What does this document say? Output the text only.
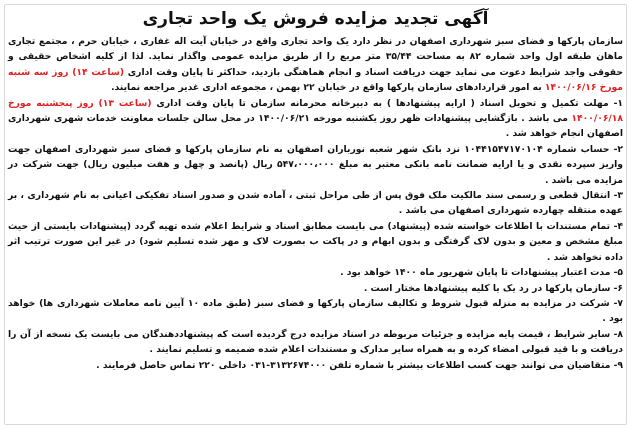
آگهی تجدید مزایده فروش یک واحد تجاری

سازمان پارکها و فضای سبز شهرداری اصفهان در نظر دارد یک واحد تجاری واقع در خیابان آیت اله غفاری ، خیابان حرم ، مجتمع تجاری ماهان طبقه اول واحد شماره ۸۲ به مساحت ۳۵/۴۴ متر مربع را از طریق مزایده عمومی واگذار نماید. لذا از کلیه اشخاص حقیقی و حقوقی واجد شرایط دعوت می نماید جهت دریافت اسناد و انجام هماهنگی بازدید، حداکثر تا پایان وقت اداری (ساعت ۱۴) روز سه شنبه مورخ ۱۴۰۰/۰۶/۱۶ به امور قراردادهای سازمان پارکها واقع در خیابان ۲۲ بهمن ، مجموعه اداری غدیر مراجعه نمایند.

۱- مهلت تکمیل و تحویل اسناد ( ارایه پیشنهادها ) به دبیرخانه محرمانه سازمان تا پایان وقت اداری (ساعت ۱۳) روز پنجشنبه مورخ ۱۴۰۰/۰۶/۱۸ می باشد . بازگشایی پیشنهادات ظهر روز یکشنبه مورخه ۱۴۰۰/۰۶/۲۱ در محل سالن جلسات معاونت خدمات شهری شهرداری اصفهان انجام خواهد شد .

۲- حساب شماره ۱۰۴۴۱۵۴۷۱۷۰۱۰۴ نزد بانک شهر شعبه نورباران اصفهان به نام سازمان پارکها و فضای سبز شهرداری اصفهان جهت واریز سپرده نقدی و یا ارایه ضمانت نامه بانکی معتبر به مبلغ ۵۴۷،۰۰۰،۰۰۰ ریال (پانصد و چهل و هفت میلیون ریال) جهت شرکت در مزایده می باشد .

۳- انتقال قطعی و رسمی سند مالکیت ملک فوق پس از طی مراحل ثبتی ، آماده شدن و صدور اسناد تفکیکی اعیانی به نام شهرداری ، بر عهده منتقله چهارده شهرداری اصفهان می باشد .

۴- تمام مستندات با اطلاعات خواسته شده (پیشنهاد) می بایست مطابق اسناد و شرایط اعلام شده تهیه گردد (پیشنهادات بایستی از حیث مبلغ مشخص و معین و بدون لاک گرفتگی و بدون ابهام و در پاکت ب بصورت لاک و مهر شده تسلیم شود) در غیر این صورت ترتیب اثر داده نخواهد شد .

۵- مدت اعتبار پیشنهادات تا پایان شهریور ماه ۱۴۰۰ خواهد بود .

۶- سازمان پارکها در رد یک یا کلیه پیشنهادها مختار است .

۷- شرکت در مزایده به منزله قبول شروط و تکالیف سازمان پارکها و فضای سبز (طبق ماده ۱۰ آیین نامه معاملات شهرداری ها) خواهد بود .

۸- سایر شرایط ، قیمت پایه مزایده و جزئیات مربوطه در اسناد مزایده درج گردیده است که پیشنهاددهندگان می بایست یک نسخه از آن را دریافت و با قید قبولی امضاء کرده و به همراه سایر مدارک و مستندات اعلام شده ضمیمه و تسلیم نمایند .

۹- متقاضیان می توانند جهت کسب اطلاعات بیشتر با شماره تلفن ۳۱۳۲۶۷۴۰۰۰-۰۳۱ داخلی ۲۲۰ تماس حاصل فرمایند .
